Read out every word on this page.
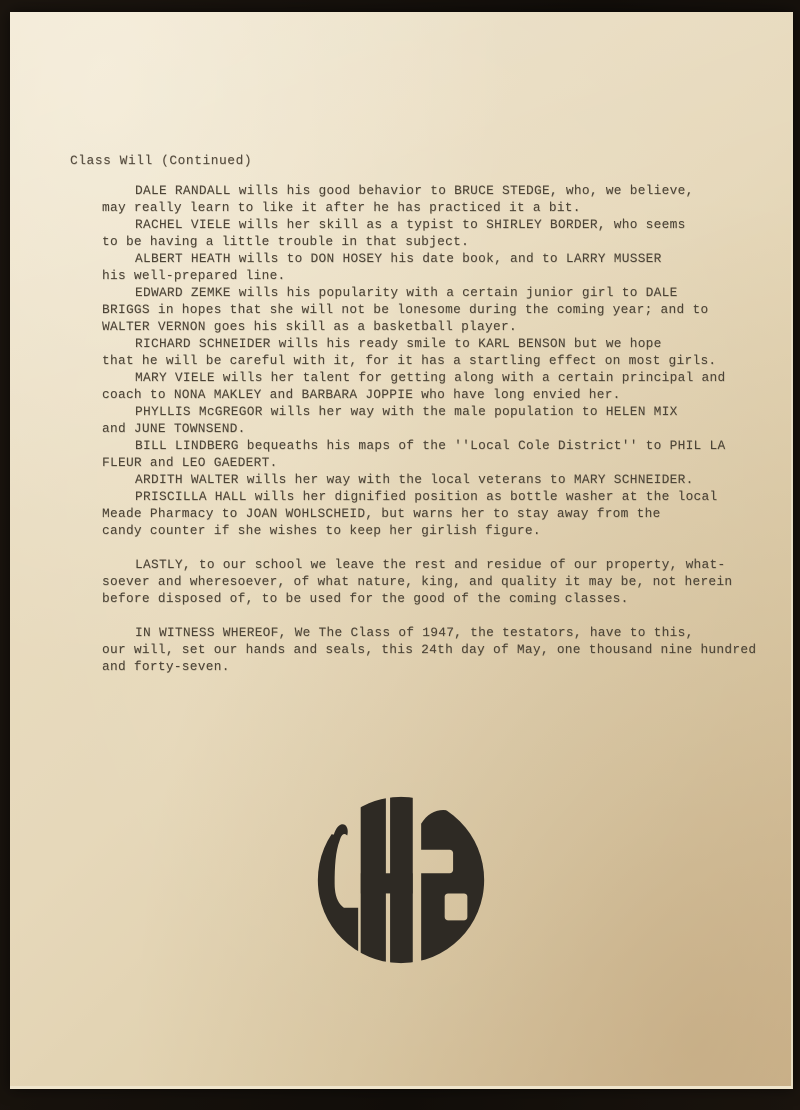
Class Will (Continued)
DALE RANDALL wills his good behavior to BRUCE STEDGE, who, we believe,
may really learn to like it after he has practiced it a bit.
RACHEL VIELE wills her skill as a typist to SHIRLEY BORDER, who seems
to be having a little trouble in that subject.
ALBERT HEATH wills to DON HOSEY his date book, and to LARRY MUSSER
his well-prepared line.
EDWARD ZEMKE wills his popularity with a certain junior girl to DALE
BRIGGS in hopes that she will not be lonesome during the coming year; and to
WALTER VERNON goes his skill as a basketball player.
RICHARD SCHNEIDER wills his ready smile to KARL BENSON but we hope
that he will be careful with it, for it has a startling effect on most girls.
MARY VIELE wills her talent for getting along with a certain principal and
coach to NONA MAKLEY and BARBARA JOPPIE who have long envied her.
PHYLLIS McGREGOR wills her way with the male population to HELEN MIX
and JUNE TOWNSEND.
BILL LINDBERG bequeaths his maps of the ''Local Cole District'' to PHIL LA
FLEUR and LEO GAEDERT.
ARDITH WALTER wills her way with the local veterans to MARY SCHNEIDER.
PRISCILLA HALL wills her dignified position as bottle washer at the local
Meade Pharmacy to JOAN WOHLSCHEID, but warns her to stay away from the
candy counter if she wishes to keep her girlish figure.
LASTLY, to our school we leave the rest and residue of our property, what-
soever and wheresoever, of what nature, king, and quality it may be, not herein
before disposed of, to be used for the good of the coming classes.
IN WITNESS WHEREOF, We The Class of 1947, the testators, have to this,
our will, set our hands and seals, this 24th day of May, one thousand nine hundred
and forty-seven.
